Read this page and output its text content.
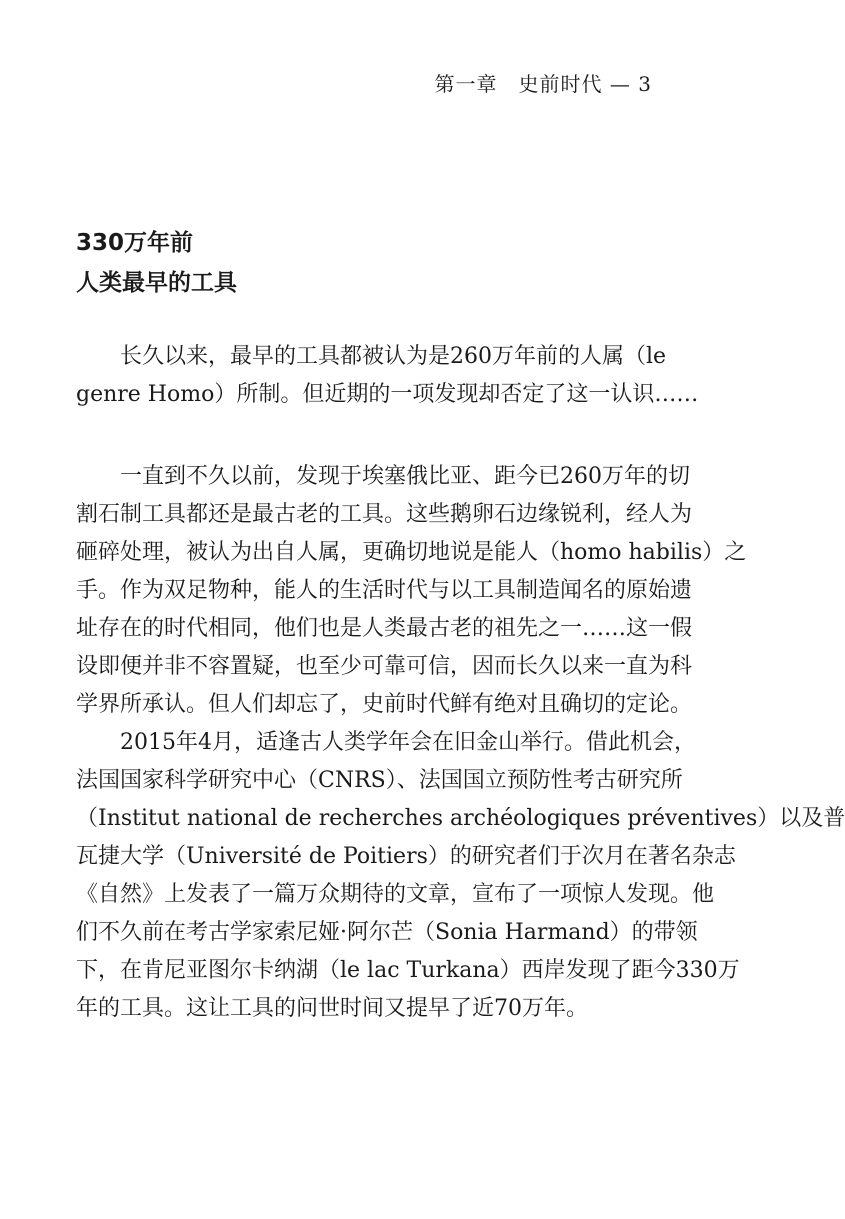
第一章　史前时代 — 3
330万年前
人类最早的工具
长久以来，最早的工具都被认为是260万年前的人属（le
genre Homo）所制。但近期的一项发现却否定了这一认识……
一直到不久以前，发现于埃塞俄比亚、距今已260万年的切
割石制工具都还是最古老的工具。这些鹅卵石边缘锐利，经人为
砸碎处理，被认为出自人属，更确切地说是能人（homo habilis）之
手。作为双足物种，能人的生活时代与以工具制造闻名的原始遗
址存在的时代相同，他们也是人类最古老的祖先之一……这一假
设即便并非不容置疑，也至少可靠可信，因而长久以来一直为科
学界所承认。但人们却忘了，史前时代鲜有绝对且确切的定论。
2015年4月，适逢古人类学年会在旧金山举行。借此机会，
法国国家科学研究中心（CNRS）、法国国立预防性考古研究所
（Institut national de recherches archéologiques préventives）以及普
瓦捷大学（Université de Poitiers）的研究者们于次月在著名杂志
《自然》上发表了一篇万众期待的文章，宣布了一项惊人发现。他
们不久前在考古学家索尼娅·阿尔芒（Sonia Harmand）的带领
下，在肯尼亚图尔卡纳湖（le lac Turkana）西岸发现了距今330万
年的工具。这让工具的问世时间又提早了近70万年。
